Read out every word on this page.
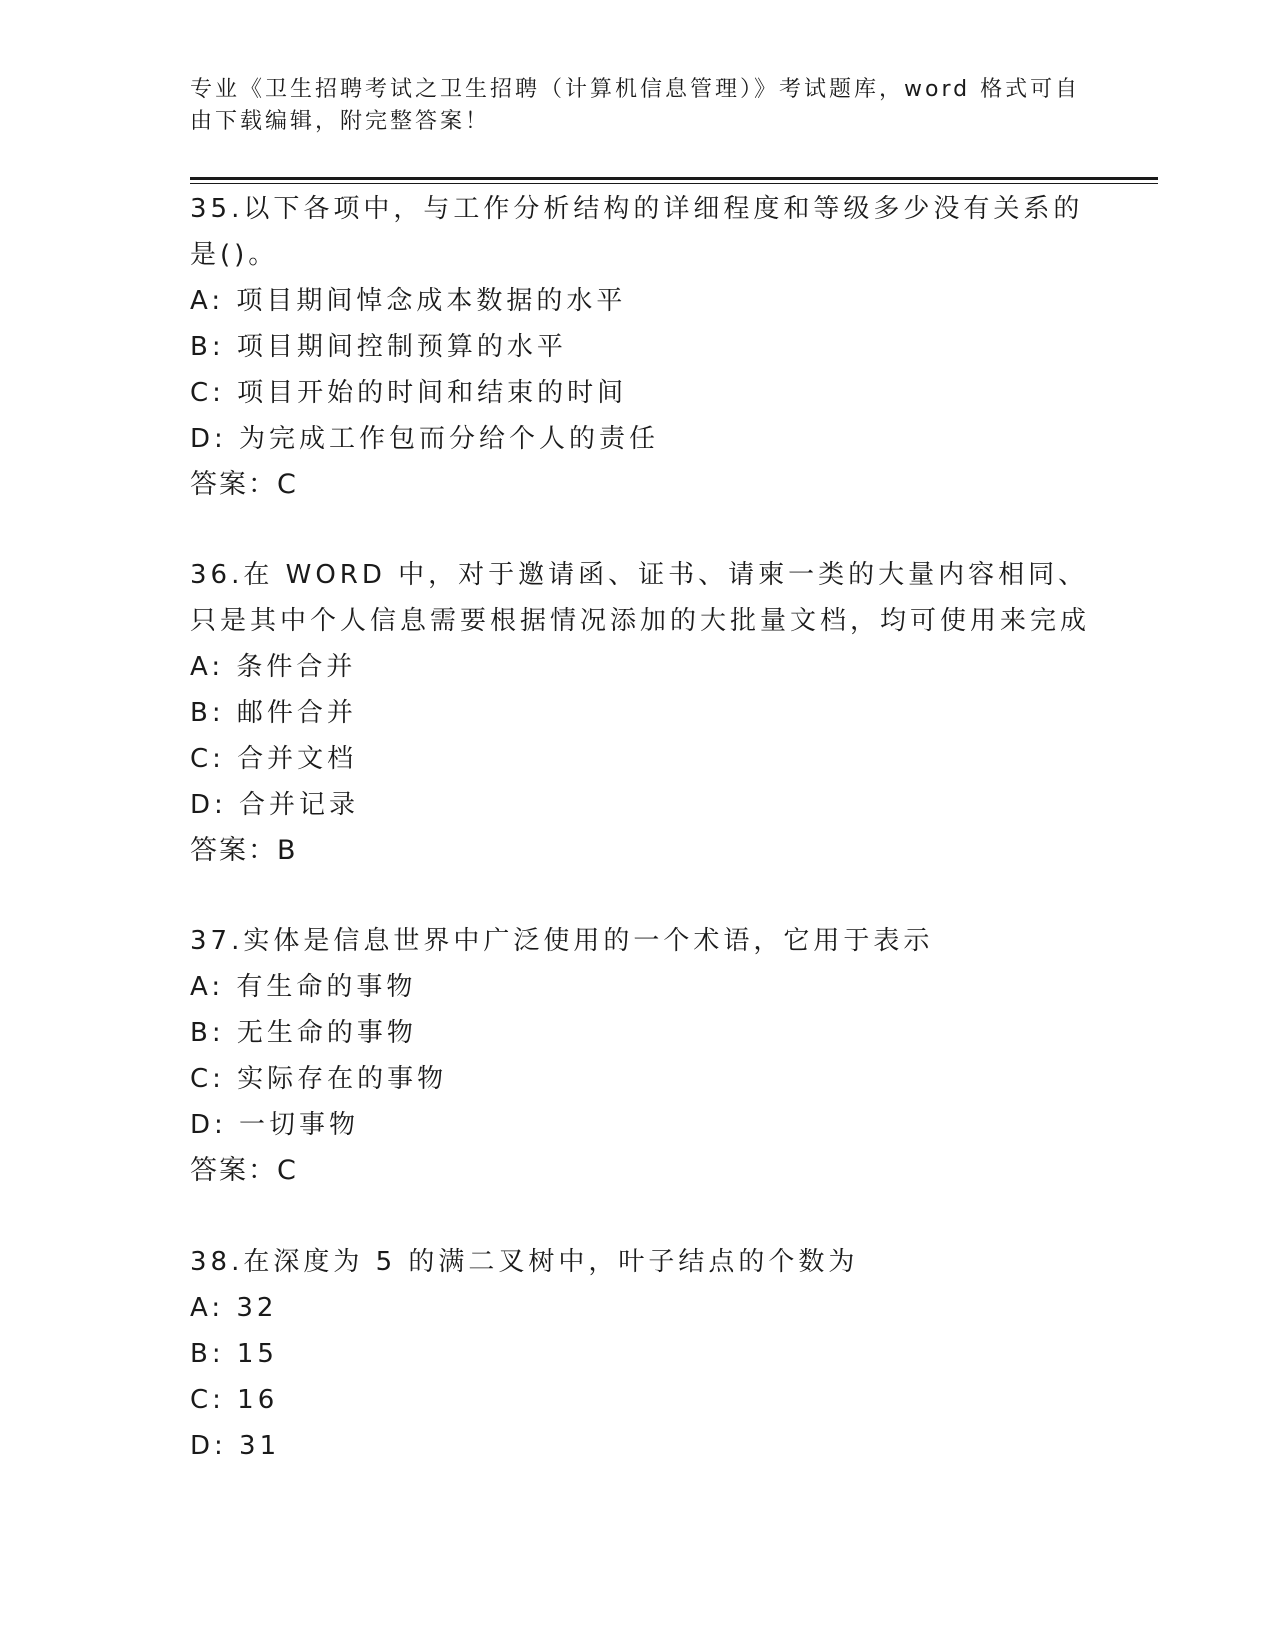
专业《卫生招聘考试之卫生招聘（计算机信息管理）》考试题库，word 格式可自由下载编辑，附完整答案！

35.以下各项中，与工作分析结构的详细程度和等级多少没有关系的是()。

A: 项目期间悼念成本数据的水平

B: 项目期间控制预算的水平

C: 项目开始的时间和结束的时间

D: 为完成工作包而分给个人的责任

答案：C

36.在 WORD 中，对于邀请函、证书、请柬一类的大量内容相同、只是其中个人信息需要根据情况添加的大批量文档，均可使用来完成

A: 条件合并

B: 邮件合并

C: 合并文档

D: 合并记录

答案：B

37.实体是信息世界中广泛使用的一个术语，它用于表示

A: 有生命的事物

B: 无生命的事物

C: 实际存在的事物

D: 一切事物

答案：C

38.在深度为 5 的满二叉树中，叶子结点的个数为

A: 32

B: 15

C: 16

D: 31
